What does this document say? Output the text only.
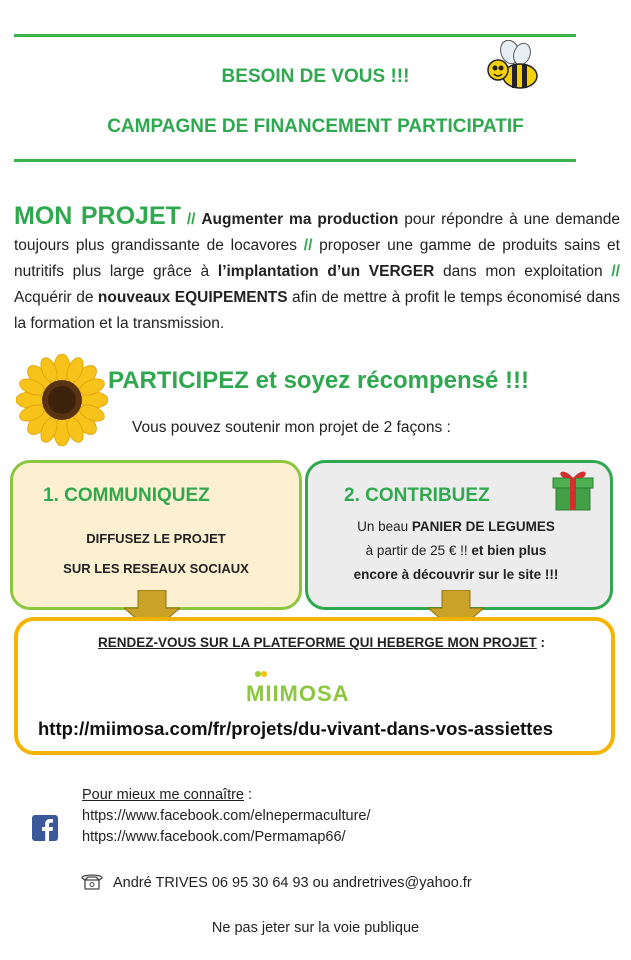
BESOIN DE VOUS !!!
CAMPAGNE DE FINANCEMENT PARTICIPATIF
MON PROJET // Augmenter ma production pour répondre à une demande toujours plus grandissante de locavores // proposer une gamme de produits sains et nutritifs plus large grâce à l’implantation d’un VERGER dans mon exploitation // Acquérir de nouveaux EQUIPEMENTS afin de mettre à profit le temps économisé dans la formation et la transmission.
PARTICIPEZ et soyez récompensé !!!
Vous pouvez soutenir mon projet de 2 façons :
1. COMMUNIQUEZ
DIFFUSEZ LE PROJET
SUR LES RESEAUX SOCIAUX
2. CONTRIBUEZ
Un beau PANIER DE LEGUMES
à partir de 25 € !! et bien plus
encore à découvrir sur le site !!!
RENDEZ-VOUS SUR LA PLATEFORME QUI HEBERGE MON PROJET :
MIIMOSA
http://miimosa.com/fr/projets/du-vivant-dans-vos-assiettes
Pour mieux me connaître :
https://www.facebook.com/elnepermaculture/
https://www.facebook.com/Permamap66/
André TRIVES 06 95 30 64 93 ou andretrives@yahoo.fr
Ne pas jeter sur la voie publique
